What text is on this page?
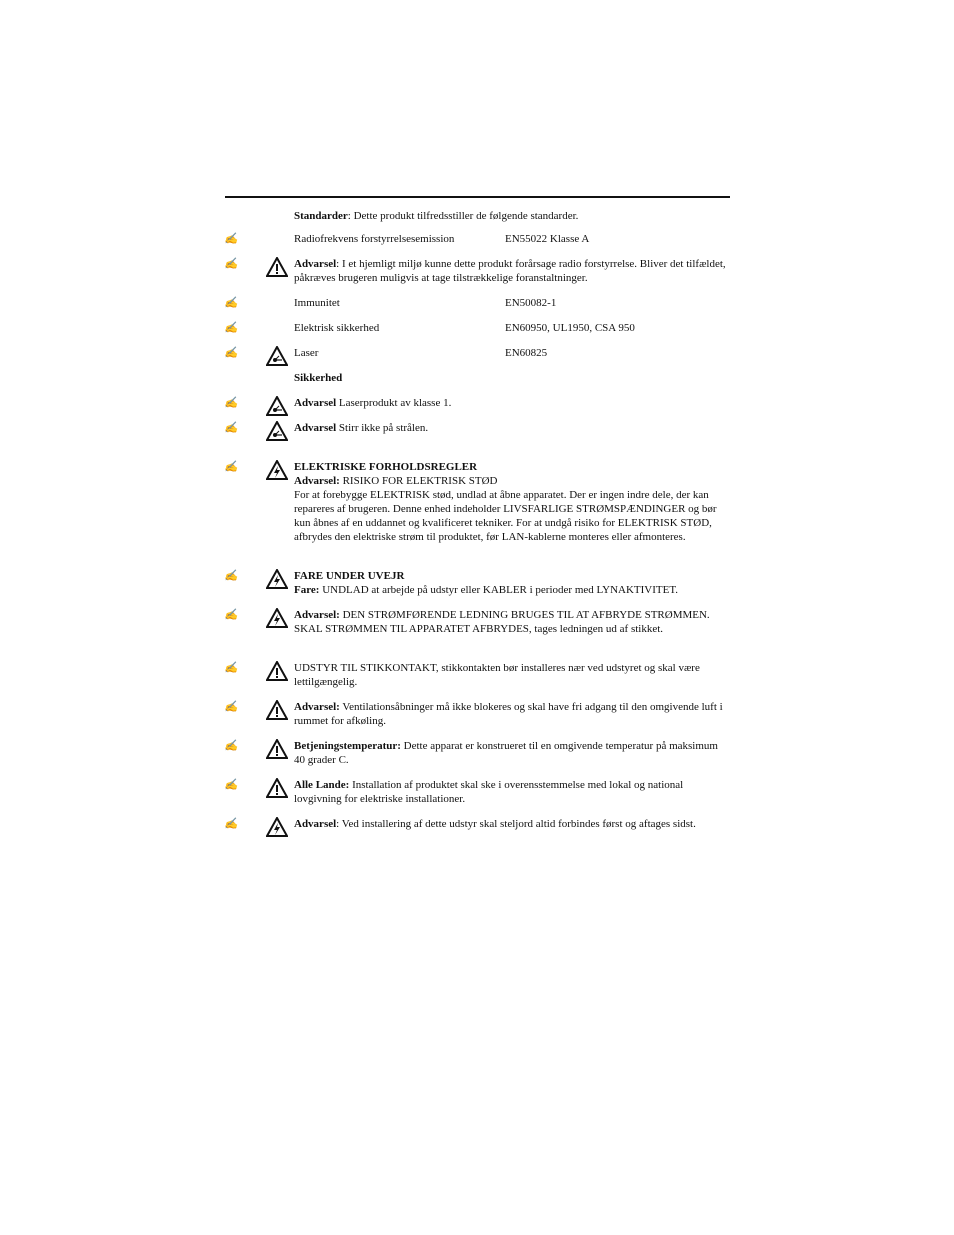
Standarder: Dette produkt tilfredsstiller de følgende standarder.
✍	Radiofrekvens forstyrrelsesemission	EN55022 Klasse A
✍	Advarsel: I et hjemligt miljø kunne dette produkt forårsage radio forstyrrelse. Bliver det tilfældet, påkræves brugeren muligvis at tage tilstrækkelige foranstaltninger.
✍	Immunitet	EN50082-1
✍	Elektrisk sikkerhed	EN60950, UL1950, CSA 950
✍	Laser	EN60825
Sikkerhed
✍	Advarsel Laserprodukt av klasse 1.
✍	Advarsel Stirr ikke på strålen.
✍	ELEKTRISKE FORHOLDSREGLER
Advarsel: RISIKO FOR ELEKTRISK STØD
For at forebygge ELEKTRISK stød, undlad at åbne apparatet. Der er ingen indre dele, der kan repareres af brugeren. Denne enhed indeholder LIVSFARLIGE STRØMSPÆNDINGER og bør kun åbnes af en uddannet og kvalificeret tekniker. For at undgå risiko for ELEKTRISK STØD, afbrydes den elektriske strøm til produktet, før LAN-kablerne monteres eller afmonteres.
✍	FARE UNDER UVEJR
Fare: UNDLAD at arbejde på udstyr eller KABLER i perioder med LYNAKTIVITET.
✍	Advarsel: DEN STRØMFØRENDE LEDNING BRUGES TIL AT AFBRYDE STRØMMEN. SKAL STRØMMEN TIL APPARATET AFBRYDES, tages ledningen ud af stikket.
✍	UDSTYR TIL STIKKONTAKT, stikkontakten bør installeres nær ved udstyret og skal være lettilgængelig.
✍	Advarsel: Ventilationsåbninger må ikke blokeres og skal have fri adgang til den omgivende luft i rummet for afkøling.
✍	Betjeningstemperatur: Dette apparat er konstrueret til en omgivende temperatur på maksimum 40 grader C.
✍	Alle Lande: Installation af produktet skal ske i overensstemmelse med lokal og national lovgivning for elektriske installationer.
✍	Advarsel: Ved installering af dette udstyr skal steljord altid forbindes først og aftages sidst.
